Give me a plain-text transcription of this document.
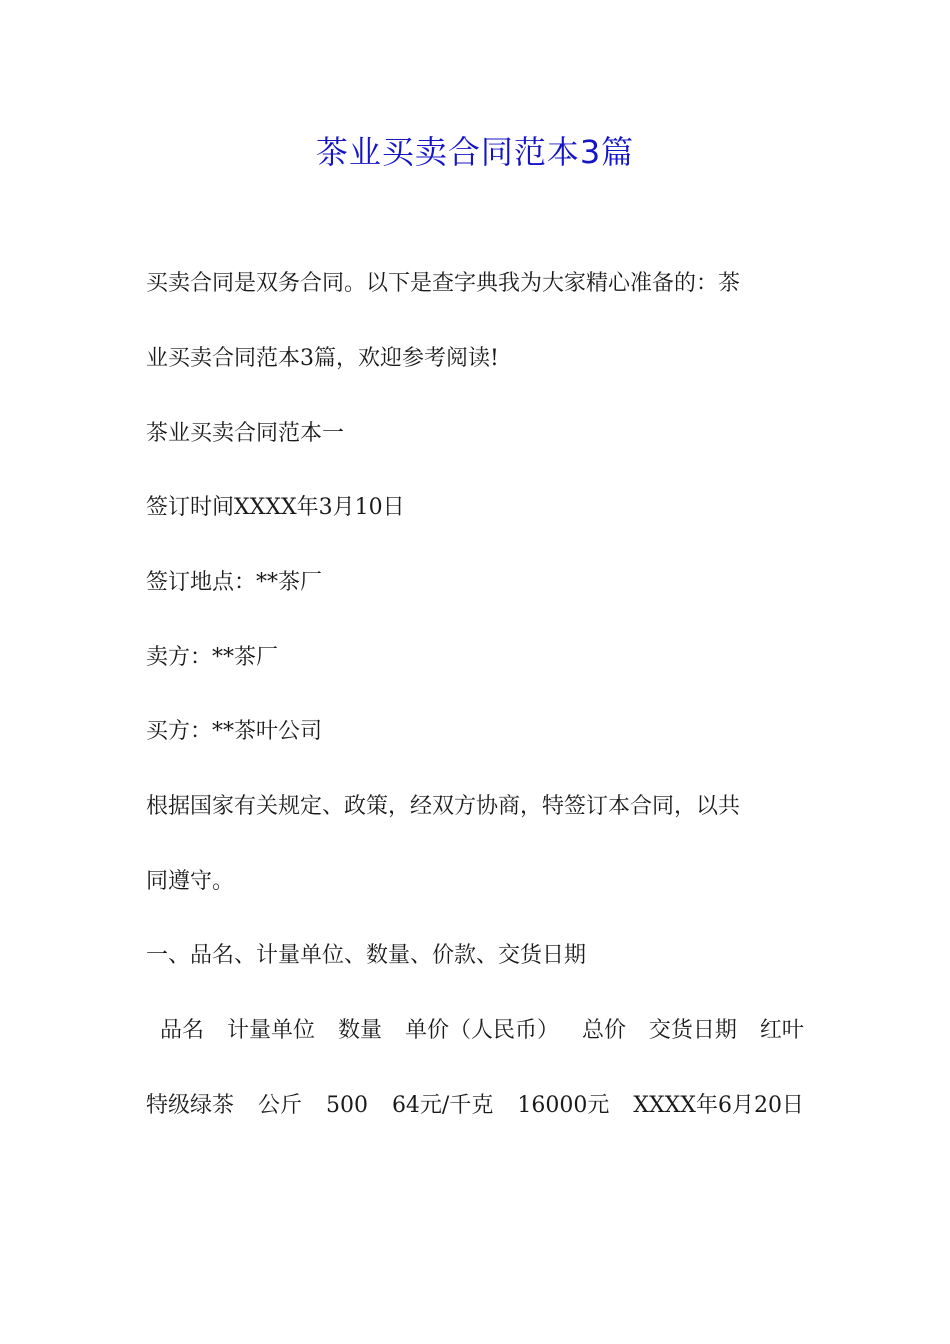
茶业买卖合同范本3篇
买卖合同是双务合同。以下是查字典我为大家精心准备的：茶
业买卖合同范本3篇，欢迎参考阅读!
茶业买卖合同范本一
签订时间XXXX年3月10日
签订地点：**茶厂
卖方：**茶厂
买方：**茶叶公司
根据国家有关规定、政策，经双方协商，特签订本合同，以共
同遵守。
一、品名、计量单位、数量、价款、交货日期
品名 计量单位 数量 单价（人民币） 总价 交货日期 红叶
特级绿茶 公斤 500 64元/千克 16000元 XXXX年6月20日
